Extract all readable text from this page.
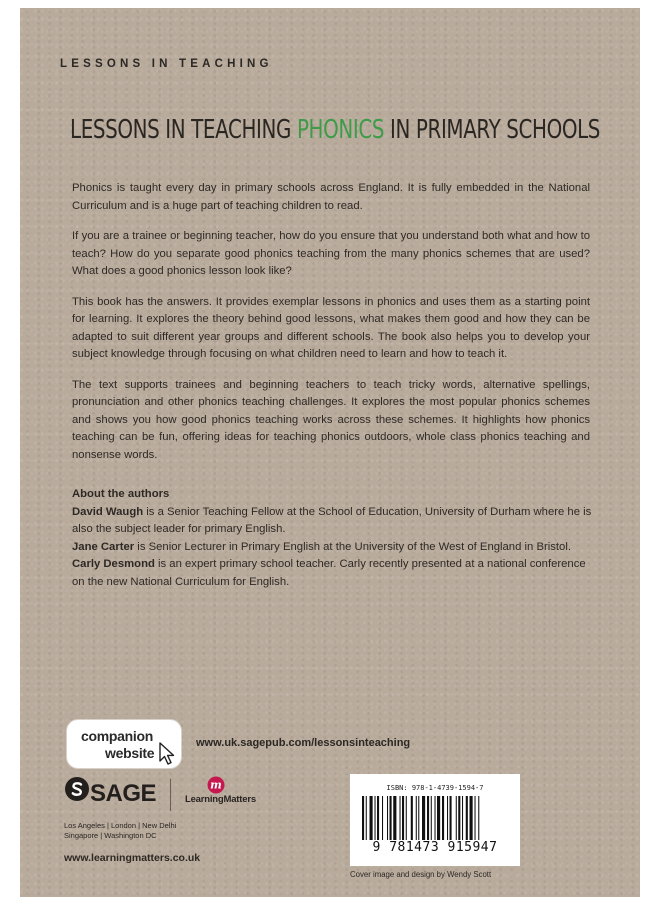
LESSONS IN TEACHING
LESSONS IN TEACHING PHONICS IN PRIMARY SCHOOLS

Phonics is taught every day in primary schools across England. It is fully embedded in the National Curriculum and is a huge part of teaching children to read.

If you are a trainee or beginning teacher, how do you ensure that you understand both what and how to teach? How do you separate good phonics teaching from the many phonics schemes that are used? What does a good phonics lesson look like?

This book has the answers. It provides exemplar lessons in phonics and uses them as a starting point for learning. It explores the theory behind good lessons, what makes them good and how they can be adapted to suit different year groups and different schools. The book also helps you to develop your subject knowledge through focusing on what children need to learn and how to teach it.

The text supports trainees and beginning teachers to teach tricky words, alternative spellings, pronunciation and other phonics teaching challenges. It explores the most popular phonics schemes and shows you how good phonics teaching works across these schemes. It highlights how phonics teaching can be fun, offering ideas for teaching phonics outdoors, whole class phonics teaching and nonsense words.

About the authors
David Waugh is a Senior Teaching Fellow at the School of Education, University of Durham where he is also the subject leader for primary English.
Jane Carter is Senior Lecturer in Primary English at the University of the West of England in Bristol.
Carly Desmond is an expert primary school teacher. Carly recently presented at a national conference on the new National Curriculum for English.
companion
website
www.uk.sagepub.com/lessonsinteaching
SAGE	m
LearningMatters
Los Angeles | London | New Delhi Singapore | Washington DC
www.learningmatters.co.uk
ISBN: 978-1-4739-1594-7
9 781473 915947
Cover image and design by Wendy Scott
